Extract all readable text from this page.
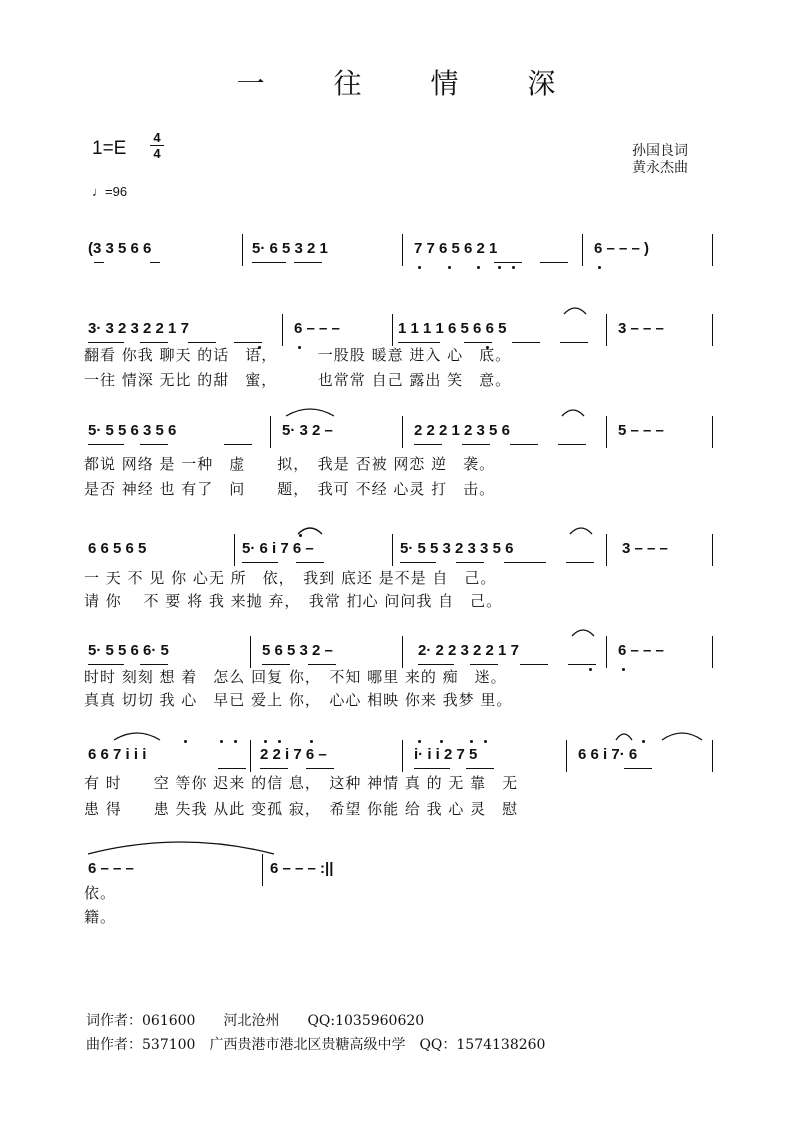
一 往 情 深
1=E
4
4
♩=96
孙国良词
黄永杰曲
(3 3 5 6 6	5· 6 5 3 2 1	7 7 6 5 6 2 1	6 – – – )
3· 3 2 3 2 2 1 7	6 – – –	1 1 1 1 6 5 6 6 5	3 – – –
翻看 你我 聊天 的话　语，　　　一股股 暖意 进入 心　底。
一往 情深 无比 的甜　蜜，　　　也常常 自己 露出 笑　意。
5· 5 5 6 3 5 6	5· 3 2 –	2 2 2 1 2 3 5 6	5 – – –
都说 网络 是 一种　虚　　拟，　我是 否被 网恋 逆　袭。
是否 神经 也 有了　问　　题，　我可 不经 心灵 打　击。
6 6 5 6 5	5· 6 i 7 6 –	5· 5 5 3 2 3 3 5 6	3 – – –
一 天 不 见 你 心无 所　依，　我到 底还 是不是 自　己。
请 你　 不 要 将 我 来抛 弃，　我常 扪心 问问我 自　己。
5· 5 5 6 6· 5	5 6 5 3 2 –	2· 2 2 3 2 2 1 7	6 – – –
时时 刻刻 想 着　怎么 回复 你，　不知 哪里 来的 痴　迷。
真真 切切 我 心　早已 爱上 你，　心心 相映 你来 我梦 里。
6 6 7 i i i	2 2 i 7 6 –	i· i i 2 7 5	6 6 i 7· 6
有 时　　空 等你 迟来 的信 息，　这种 神情 真 的 无 靠　无
患 得　　患 失我 从此 变孤 寂，　希望 你能 给 我 心 灵　慰
6 – – –	6 – – – :||
依。
籍。
词作者：061600　　河北沧州　　QQ:1035960620
曲作者：537100　广西贵港市港北区贵糖高级中学　QQ：1574138260
